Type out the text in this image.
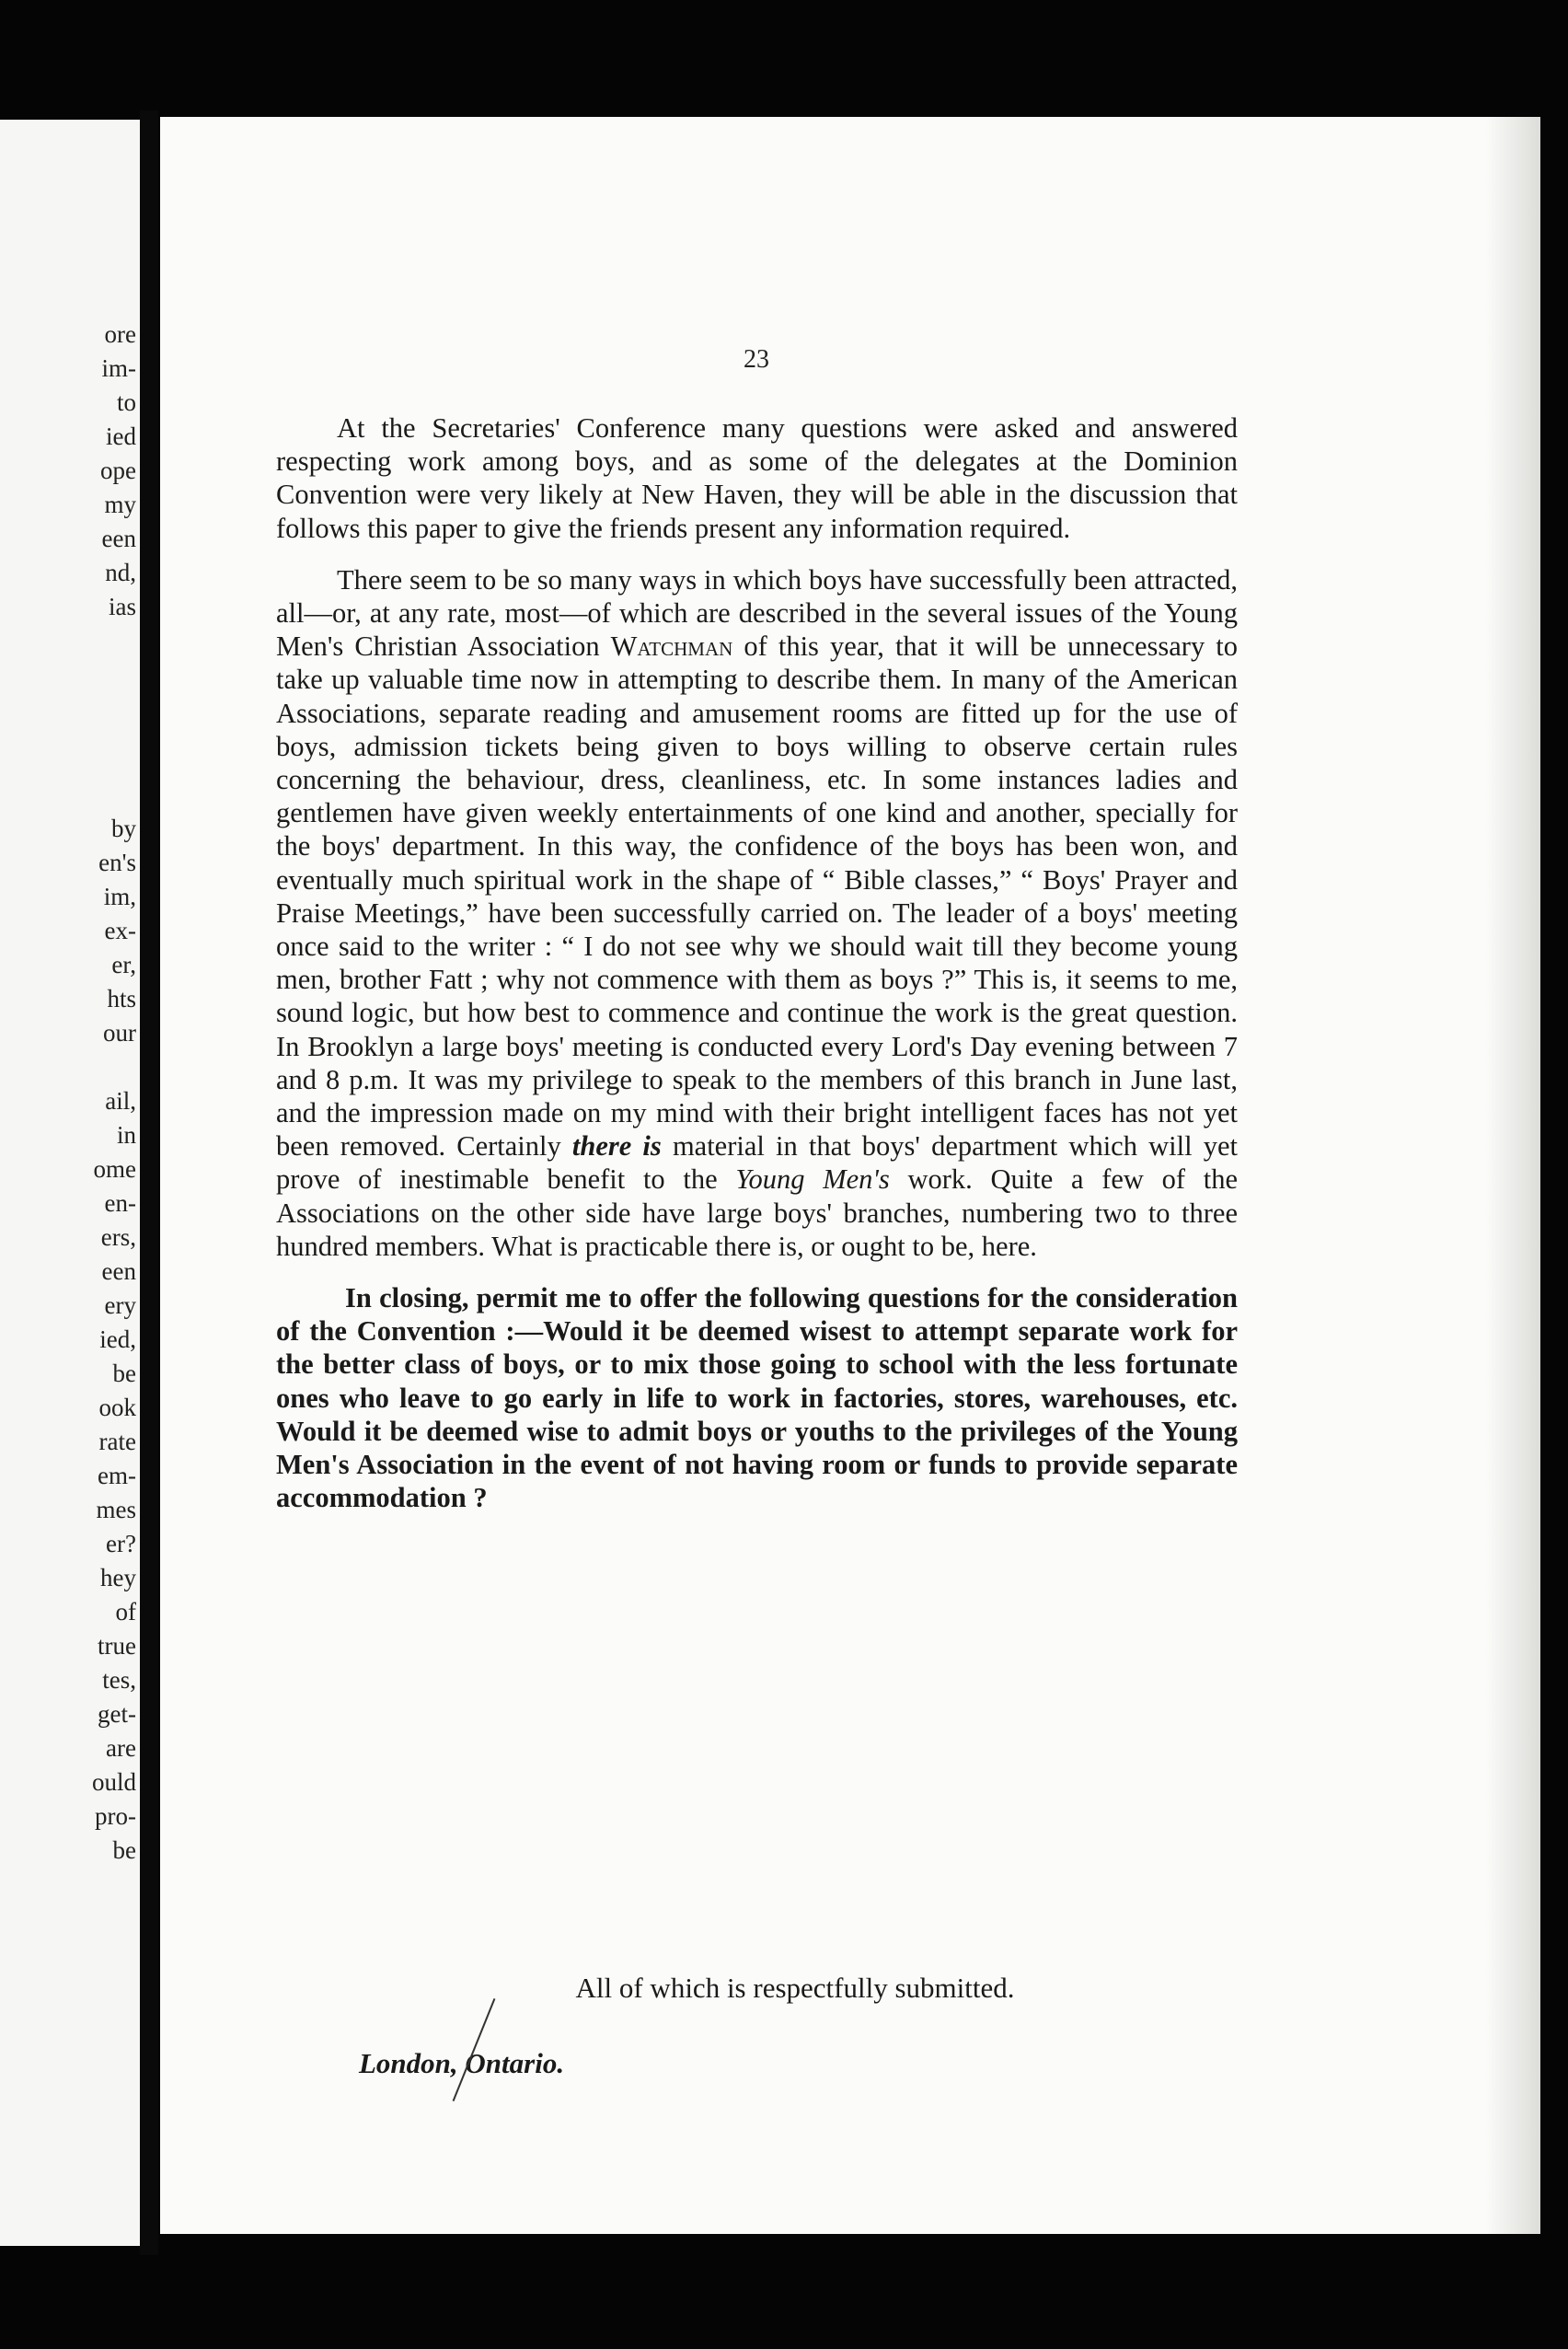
ore
im-
to
ied
ope
my
een
nd,
ias
by
en's
im,
ex-
er,
hts
our
ail,
in
ome
en-
ers,
een
ery
ied,
be
ook
rate
em-
mes
er?
hey
of
true
tes,
get-
are
ould
pro-
be
23

At the Secretaries' Conference many questions were asked and answered respecting work among boys, and as some of the delegates at the Dominion Convention were very likely at New Haven, they will be able in the discussion that follows this paper to give the friends present any information required.

There seem to be so many ways in which boys have successfully been attracted, all—or, at any rate, most—of which are described in the several issues of the Young Men's Christian Association Watchman of this year, that it will be unnecessary to take up valuable time now in attempting to describe them. In many of the American Associations, separate reading and amusement rooms are fitted up for the use of boys, admission tickets being given to boys willing to observe certain rules concerning the behaviour, dress, cleanliness, etc. In some instances ladies and gentlemen have given weekly entertainments of one kind and another, specially for the boys' department. In this way, the confidence of the boys has been won, and eventually much spiritual work in the shape of “ Bible classes,” “ Boys' Prayer and Praise Meetings,” have been successfully carried on. The leader of a boys' meeting once said to the writer : “ I do not see why we should wait till they become young men, brother Fatt ; why not commence with them as boys ?” This is, it seems to me, sound logic, but how best to commence and continue the work is the great question. In Brooklyn a large boys' meeting is conducted every Lord's Day evening between 7 and 8 p.m. It was my privilege to speak to the members of this branch in June last, and the impression made on my mind with their bright intelligent faces has not yet been removed. Certainly there is material in that boys' department which will yet prove of inestimable benefit to the Young Men's work. Quite a few of the Associations on the other side have large boys' branches, numbering two to three hundred members. What is practicable there is, or ought to be, here.

In closing, permit me to offer the following questions for the consideration of the Convention :—Would it be deemed wisest to attempt separate work for the better class of boys, or to mix those going to school with the less fortunate ones who leave to go early in life to work in factories, stores, warehouses, etc. Would it be deemed wise to admit boys or youths to the privileges of the Young Men's Association in the event of not having room or funds to provide separate accommodation ?

All of which is respectfully submitted.
London, Ontario.
